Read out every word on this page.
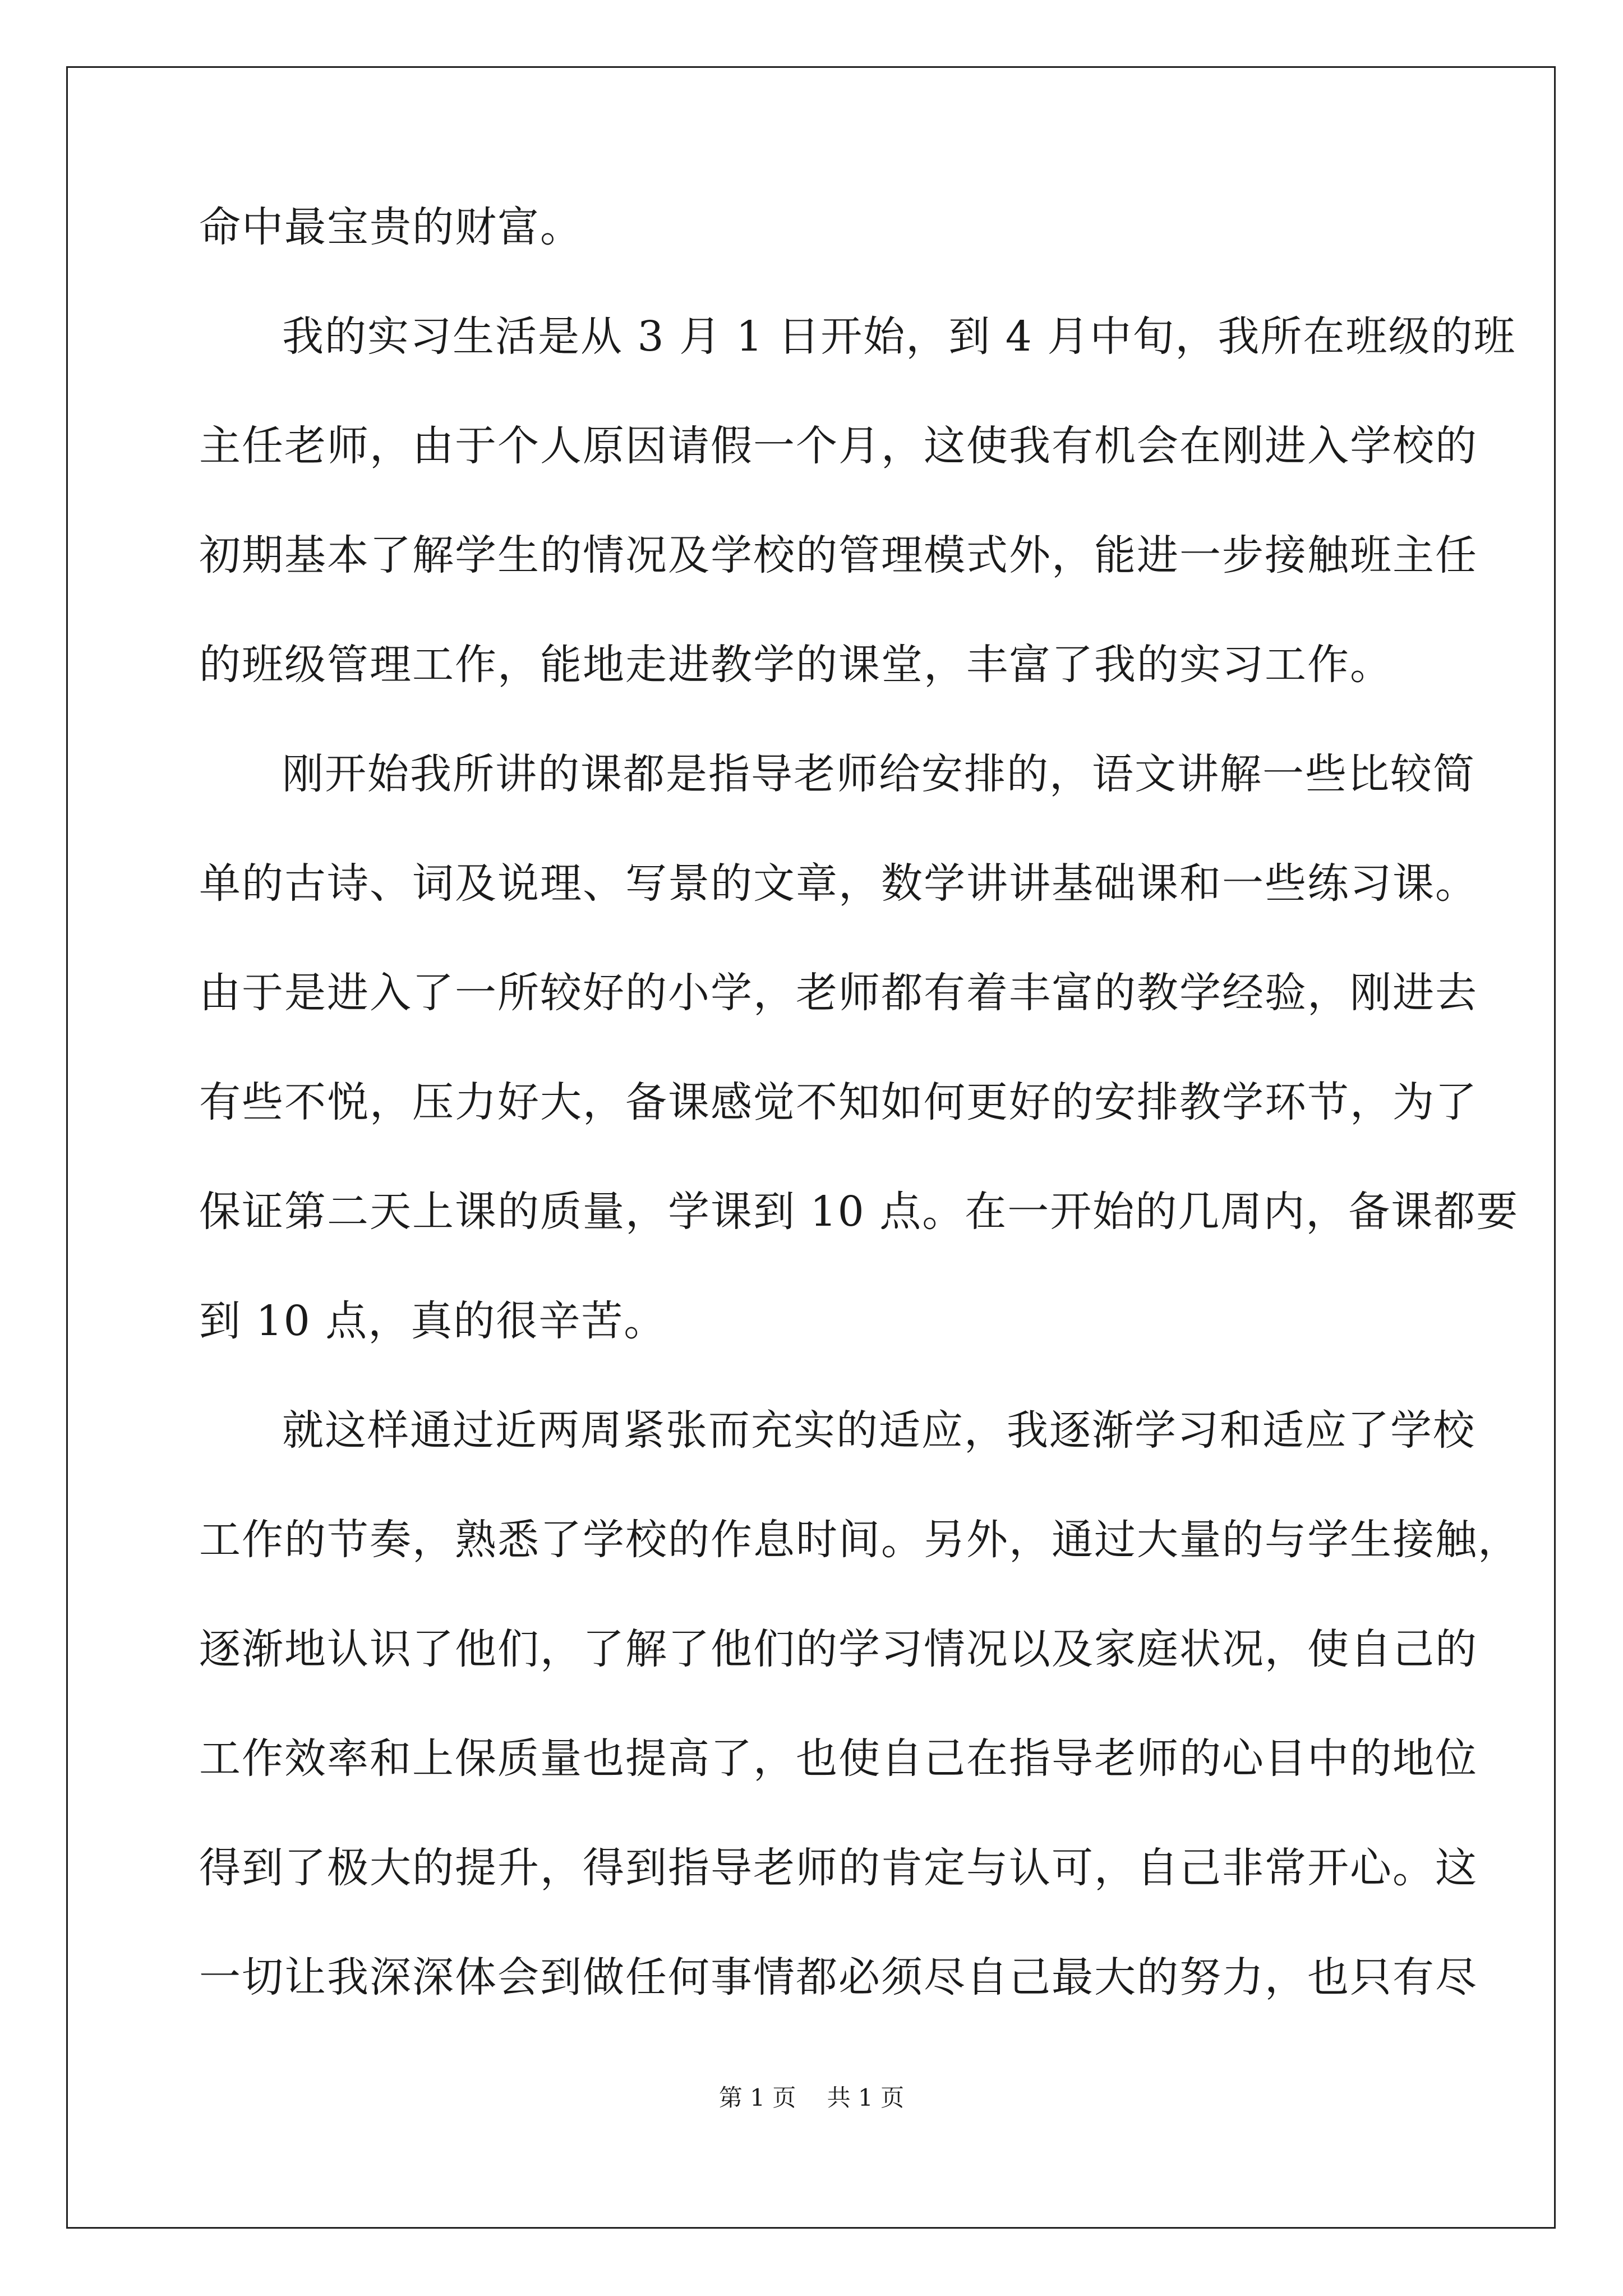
命中最宝贵的财富。
我的实习生活是从 3 月 1 日开始，到 4 月中旬，我所在班级的班
主任老师，由于个人原因请假一个月，这使我有机会在刚进入学校的
初期基本了解学生的情况及学校的管理模式外，能进一步接触班主任
的班级管理工作，能地走进教学的课堂，丰富了我的实习工作。
刚开始我所讲的课都是指导老师给安排的，语文讲解一些比较简
单的古诗、词及说理、写景的文章，数学讲讲基础课和一些练习课。
由于是进入了一所较好的小学，老师都有着丰富的教学经验，刚进去
有些不悦，压力好大，备课感觉不知如何更好的安排教学环节，为了
保证第二天上课的质量，学课到 10 点。在一开始的几周内，备课都要
到 10 点，真的很辛苦。
就这样通过近两周紧张而充实的适应，我逐渐学习和适应了学校
工作的节奏，熟悉了学校的作息时间。另外，通过大量的与学生接触，
逐渐地认识了他们，了解了他们的学习情况以及家庭状况，使自己的
工作效率和上保质量也提高了，也使自己在指导老师的心目中的地位
得到了极大的提升，得到指导老师的肯定与认可，自己非常开心。这
一切让我深深体会到做任何事情都必须尽自己最大的努力，也只有尽
第 1 页　 共 1 页
